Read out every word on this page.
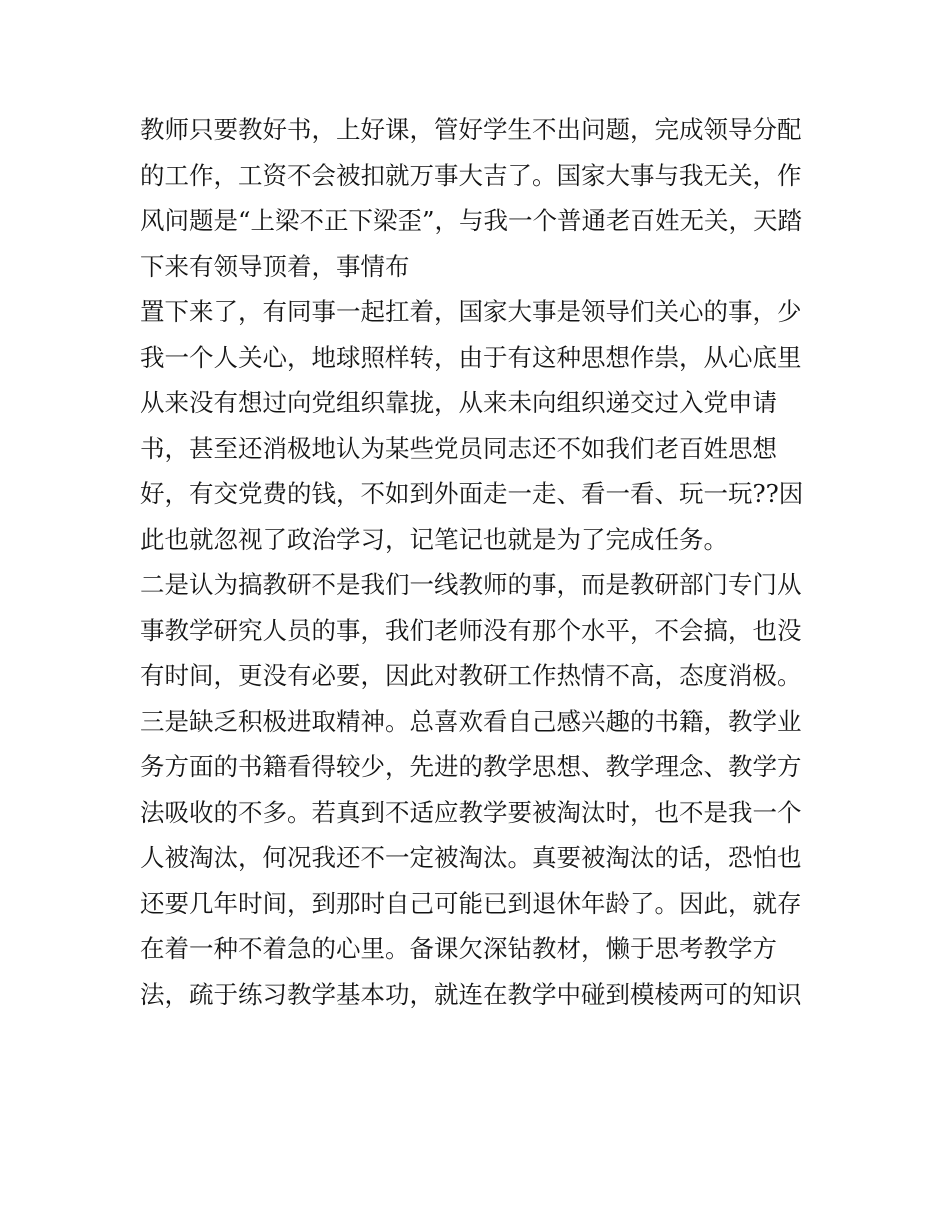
教师只要教好书，上好课，管好学生不出问题，完成领导分配
的工作，工资不会被扣就万事大吉了。国家大事与我无关，作
风问题是“上梁不正下梁歪”，与我一个普通老百姓无关，天踏
下来有领导顶着，事情布
置下来了，有同事一起扛着，国家大事是领导们关心的事，少
我一个人关心，地球照样转，由于有这种思想作祟，从心底里
从来没有想过向党组织靠拢，从来未向组织递交过入党申请
书，甚至还消极地认为某些党员同志还不如我们老百姓思想
好，有交党费的钱，不如到外面走一走、看一看、玩一玩??因
此也就忽视了政治学习，记笔记也就是为了完成任务。
二是认为搞教研不是我们一线教师的事，而是教研部门专门从
事教学研究人员的事，我们老师没有那个水平，不会搞，也没
有时间，更没有必要，因此对教研工作热情不高，态度消极。
三是缺乏积极进取精神。总喜欢看自己感兴趣的书籍，教学业
务方面的书籍看得较少，先进的教学思想、教学理念、教学方
法吸收的不多。若真到不适应教学要被淘汰时，也不是我一个
人被淘汰，何况我还不一定被淘汰。真要被淘汰的话，恐怕也
还要几年时间，到那时自己可能已到退休年龄了。因此，就存
在着一种不着急的心里。备课欠深钻教材，懒于思考教学方
法，疏于练习教学基本功，就连在教学中碰到模棱两可的知识
